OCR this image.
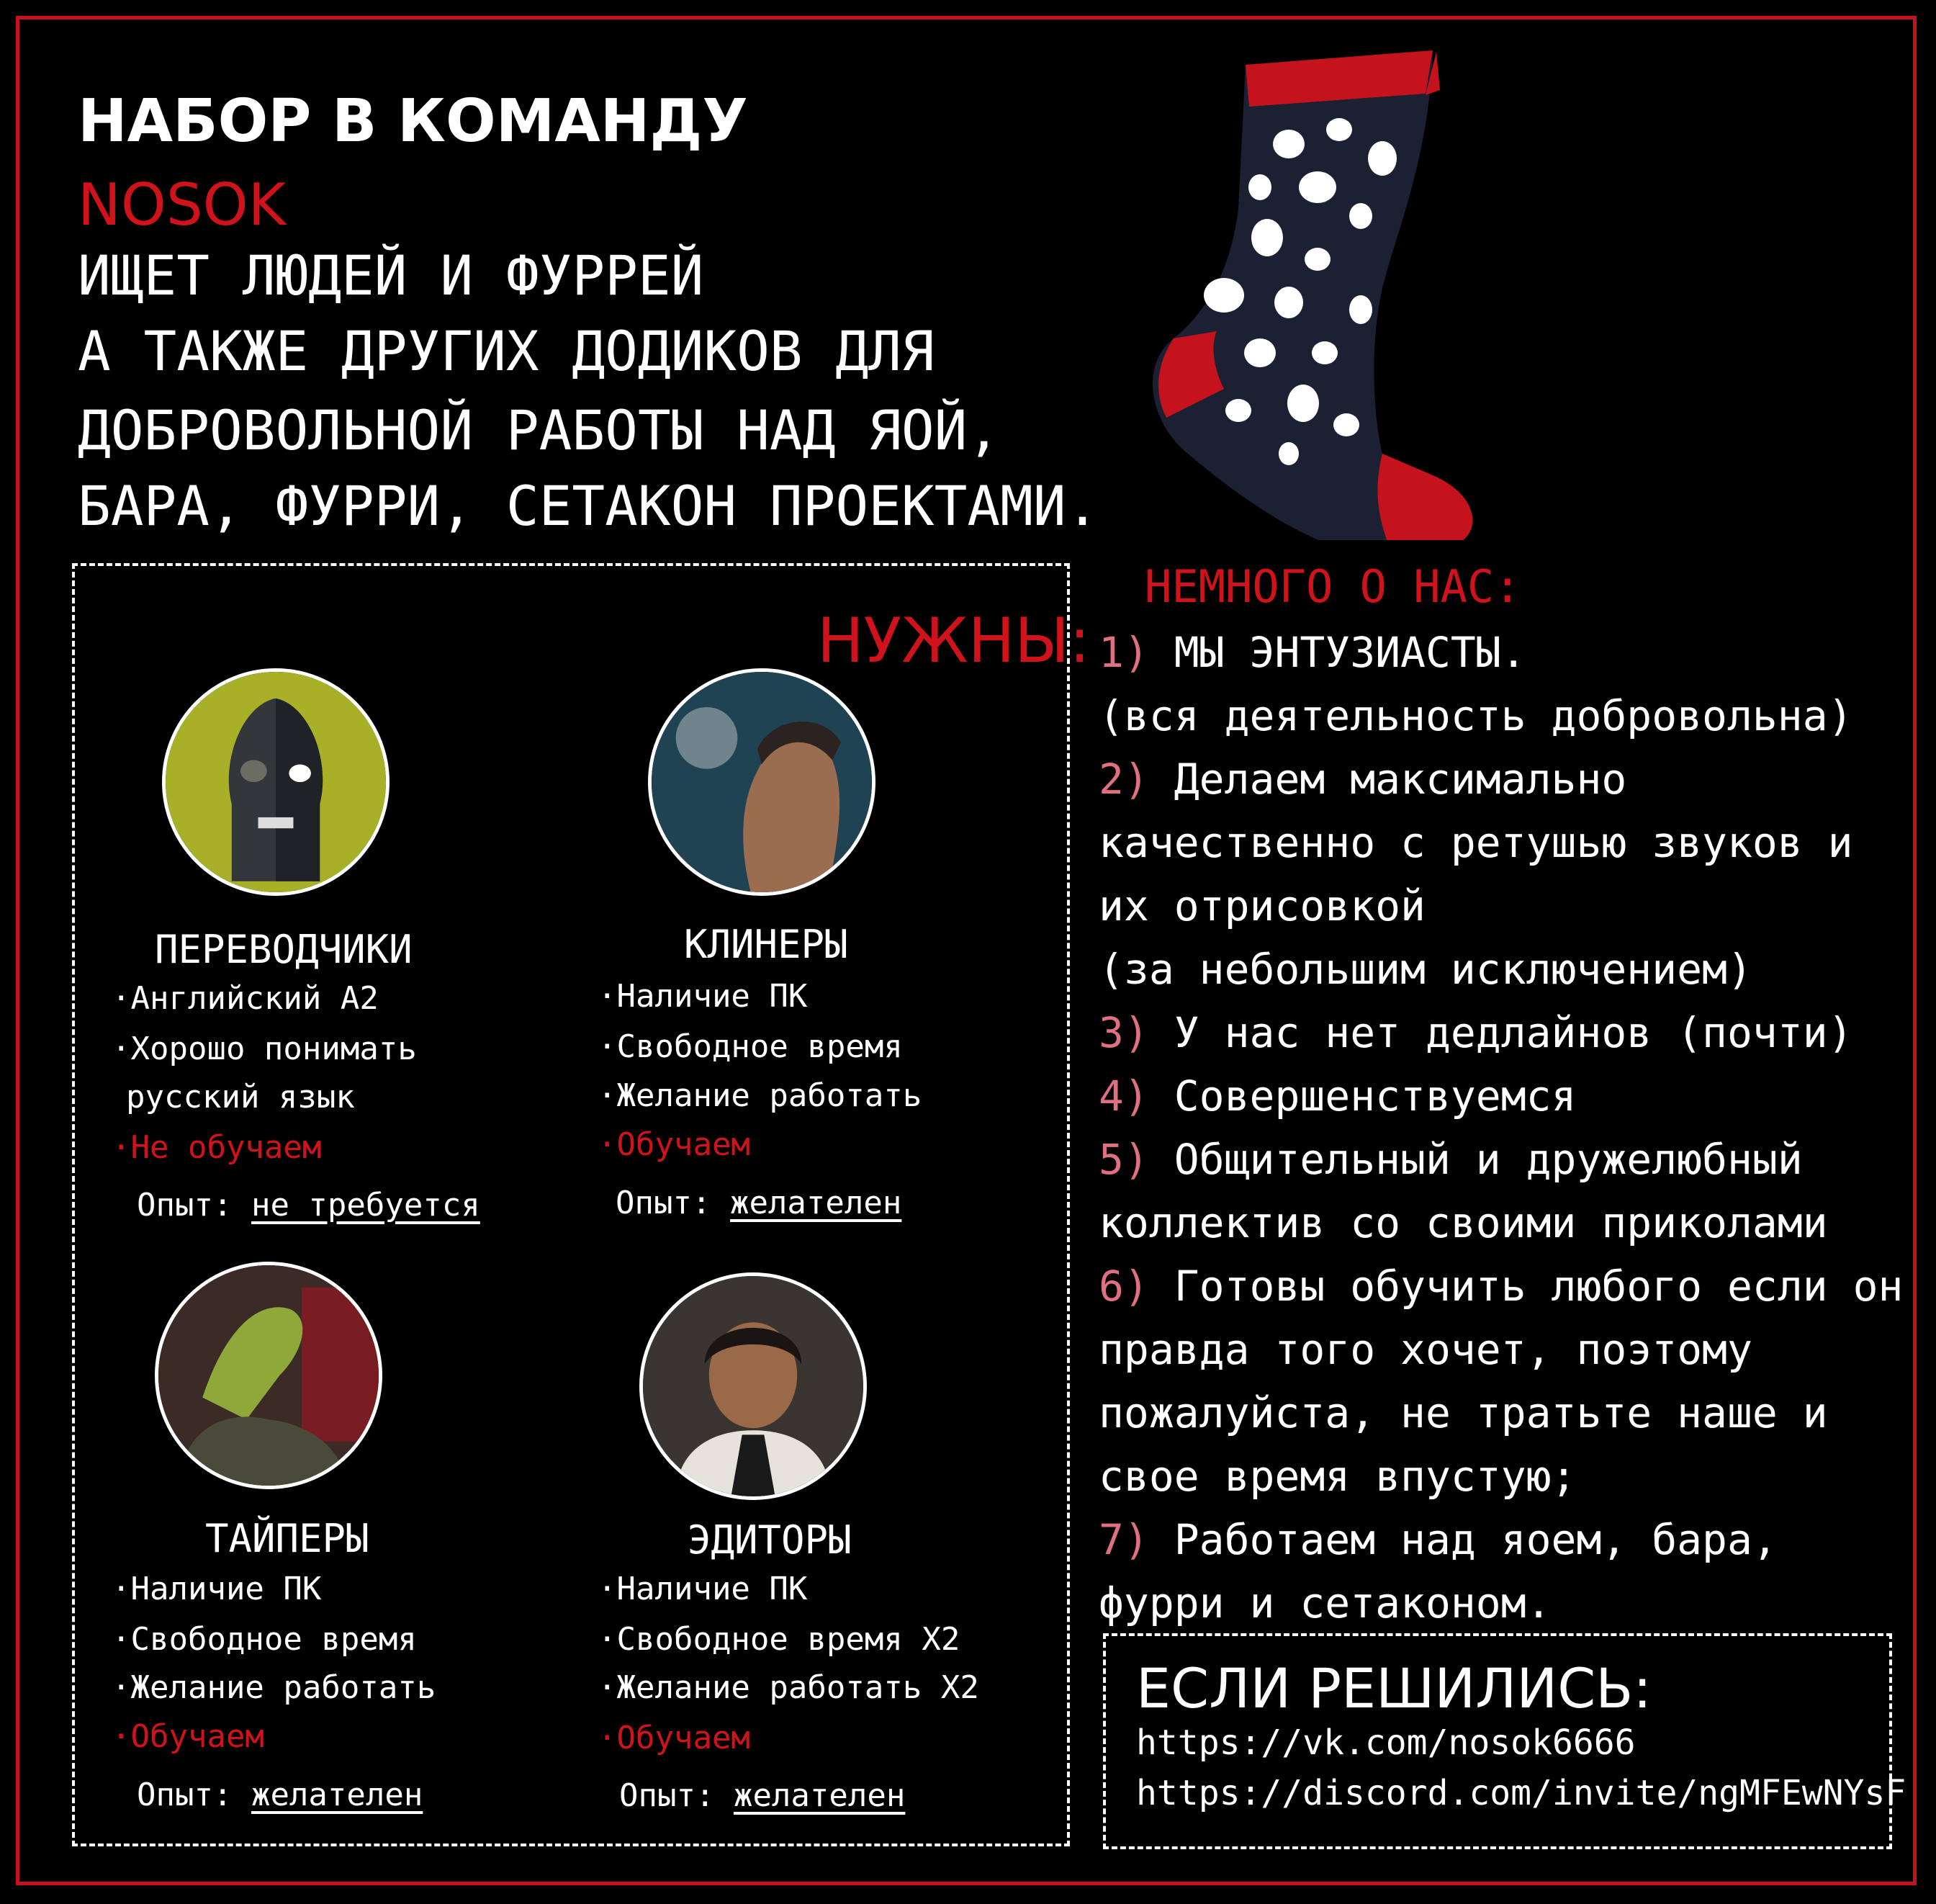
НАБОР В КОМАНДУ
NOSOK
ИЩЕТ ЛЮДЕЙ И ФУРРЕЙ
А ТАКЖЕ ДРУГИХ ДОДИКОВ ДЛЯ
ДОБРОВОЛЬНОЙ РАБОТЫ НАД ЯОЙ,
БАРА, ФУРРИ, СЕТАКОН ПРОЕКТАМИ.
НУЖНЫ:
ПЕРЕВОДЧИКИ
·Английский А2
·Хорошо понимать
русский язык
·Не обучаем
Опыт: не требуется
КЛИНЕРЫ
·Наличие ПК
·Свободное время
·Желание работать
·Обучаем
Опыт: желателен
ТАЙПЕРЫ
·Наличие ПК
·Свободное время
·Желание работать
·Обучаем
Опыт: желателен
ЭДИТОРЫ
·Наличие ПК
·Свободное время X2
·Желание работать X2
·Обучаем
Опыт: желателен
НЕМНОГО О НАС:
1) МЫ ЭНТУЗИАСТЫ.
(вся деятельность добровольна)
2) Делаем максимально
качественно с ретушью звуков и
их отрисовкой
(за небольшим исключением)
3) У нас нет дедлайнов (почти)
4) Совершенствуемся
5) Общительный и дружелюбный
коллектив со своими приколами
6) Готовы обучить любого если он
правда того хочет, поэтому
пожалуйста, не тратьте наше и
свое время впустую;
7) Работаем над яоем, бара,
фурри и сетаконом.
ЕСЛИ РЕШИЛИСЬ:
https://vk.com/nosok6666
https://discord.com/invite/ngMFEwNYsF
